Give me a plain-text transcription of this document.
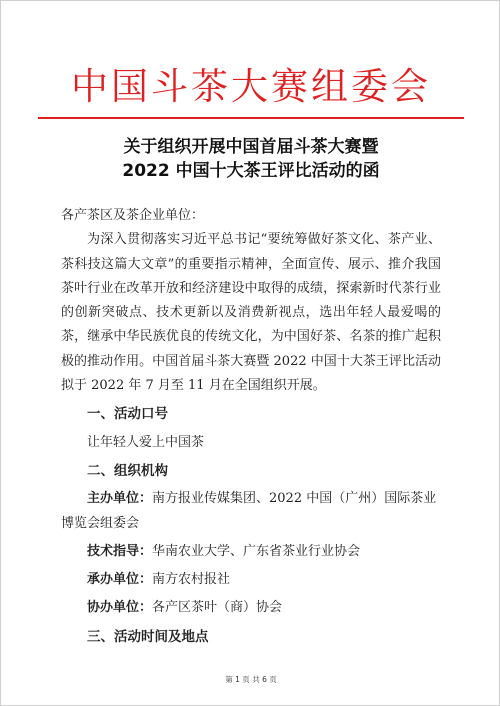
中国斗茶大赛组委会
关于组织开展中国首届斗茶大赛暨
2022 中国十大茶王评比活动的函

各产茶区及茶企业单位：

为深入贯彻落实习近平总书记“要统筹做好茶文化、茶产业、茶科技这篇大文章”的重要指示精神，全面宣传、展示、推介我国茶叶行业在改革开放和经济建设中取得的成绩，探索新时代茶行业的创新突破点、技术更新以及消费新视点，选出年轻人最爱喝的茶，继承中华民族优良的传统文化，为中国好茶、名茶的推广起积极的推动作用。中国首届斗茶大赛暨 2022 中国十大茶王评比活动拟于 2022 年 7 月至 11 月在全国组织开展。

一、活动口号

让年轻人爱上中国茶

二、组织机构

主办单位：南方报业传媒集团、2022 中国（广州）国际茶业博览会组委会

技术指导：华南农业大学、广东省茶业行业协会

承办单位：南方农村报社

协办单位：各产区茶叶（商）协会

三、活动时间及地点

第 1 页 共 6 页
